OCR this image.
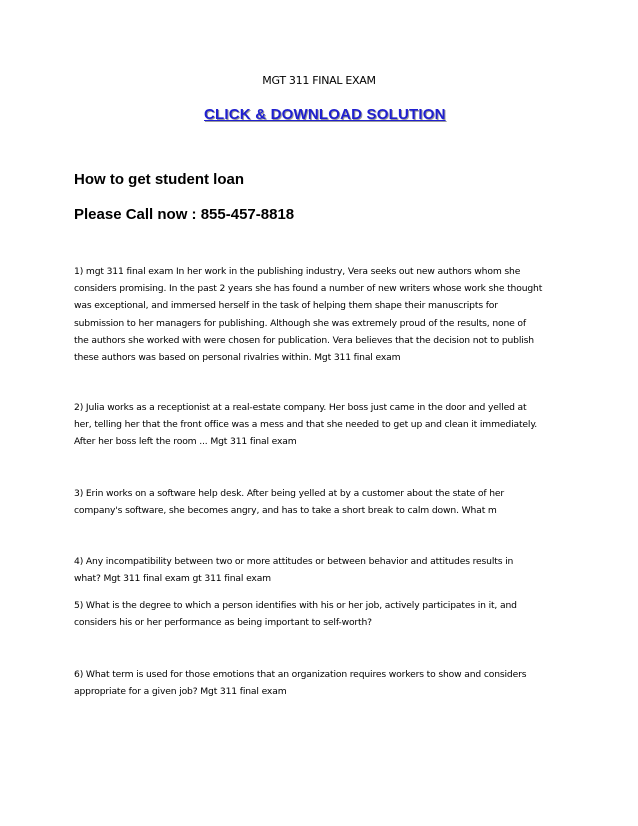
MGT 311 FINAL EXAM
CLICK & DOWNLOAD SOLUTION
How to get student loan
Please Call now : 855-457-8818
1) mgt 311 final exam In her work in the publishing industry, Vera seeks out new authors whom she
considers promising. In the past 2 years she has found a number of new writers whose work she thought
was exceptional, and immersed herself in the task of helping them shape their manuscripts for
submission to her managers for publishing. Although she was extremely proud of the results, none of
the authors she worked with were chosen for publication. Vera believes that the decision not to publish
these authors was based on personal rivalries within. Mgt 311 final exam
2) Julia works as a receptionist at a real-estate company. Her boss just came in the door and yelled at
her, telling her that the front office was a mess and that she needed to get up and clean it immediately.
After her boss left the room ... Mgt 311 final exam
3) Erin works on a software help desk. After being yelled at by a customer about the state of her
company's software, she becomes angry, and has to take a short break to calm down. What m
4) Any incompatibility between two or more attitudes or between behavior and attitudes results in
what? Mgt 311 final exam gt 311 final exam
5) What is the degree to which a person identifies with his or her job, actively participates in it, and
considers his or her performance as being important to self-worth?
6) What term is used for those emotions that an organization requires workers to show and considers
appropriate for a given job? Mgt 311 final exam
